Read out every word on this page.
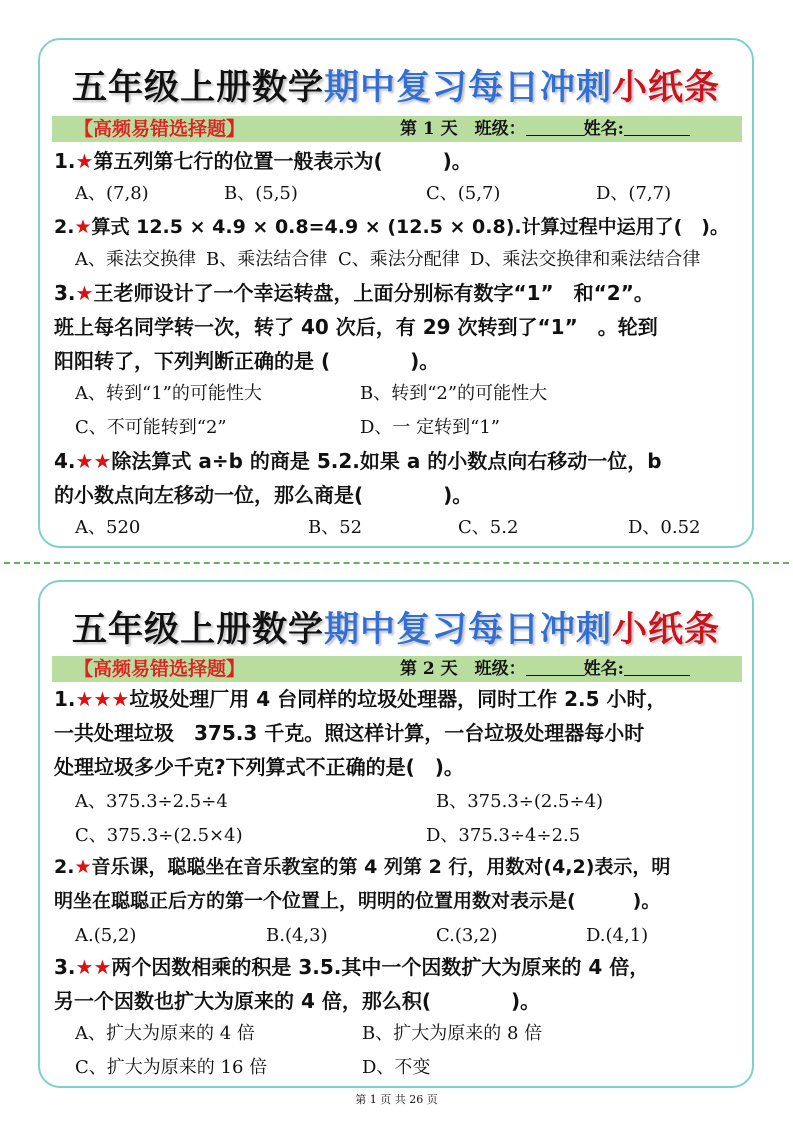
五年级上册数学期中复习每日冲刺小纸条
【高频易错选择题】	第 1 天　 班级：	姓名:
1.★第五列第七行的位置一般表示为(　　　)。
A、(7,8)	B、(5,5)	C、(5,7)	D、(7,7)
2.★算式 12.5 × 4.9 × 0.8=4.9 × (12.5 × 0.8).计算过程中运用了(　)。
A、乘法交换律 B、乘法结合律 C、乘法分配律 D、乘法交换律和乘法结合律
3.★王老师设计了一个幸运转盘，上面分别标有数字“1”　和“2”。
班上每名同学转一次，转了 40 次后，有 29 次转到了“1”　。轮到
阳阳转了，下列判断正确的是 (　　　　)。
A、转到“1”的可能性大	B、转到“2”的可能性大
C、不可能转到“2”	D、一 定转到“1”
4.★★除法算式 a÷b 的商是 5.2.如果 a 的小数点向右移动一位，b
的小数点向左移动一位，那么商是(　　　　)。
A、520	B、52	C、5.2	D、0.52
五年级上册数学期中复习每日冲刺小纸条
【高频易错选择题】	第 2 天　 班级：	姓名:
1.★★★垃圾处理厂用 4 台同样的垃圾处理器，同时工作 2.5 小时，
一共处理垃圾　375.3 千克。照这样计算，一台垃圾处理器每小时
处理垃圾多少千克?下列算式不正确的是(　)。
A、375.3÷2.5÷4	B、375.3÷(2.5÷4)
C、375.3÷(2.5×4)	D、375.3÷4÷2.5
2.★音乐课，聪聪坐在音乐教室的第 4 列第 2 行，用数对(4,2)表示，明
明坐在聪聪正后方的第一个位置上，明明的位置用数对表示是(　　　)。
A.(5,2)	B.(4,3)	C.(3,2)	D.(4,1)
3.★★两个因数相乘的积是 3.5.其中一个因数扩大为原来的 4 倍，
另一个因数也扩大为原来的 4 倍，那么积(　　　　)。
A、扩大为原来的 4 倍	B、扩大为原来的 8 倍
C、扩大为原来的 16 倍	D、不变
第 1 页 共 26 页
